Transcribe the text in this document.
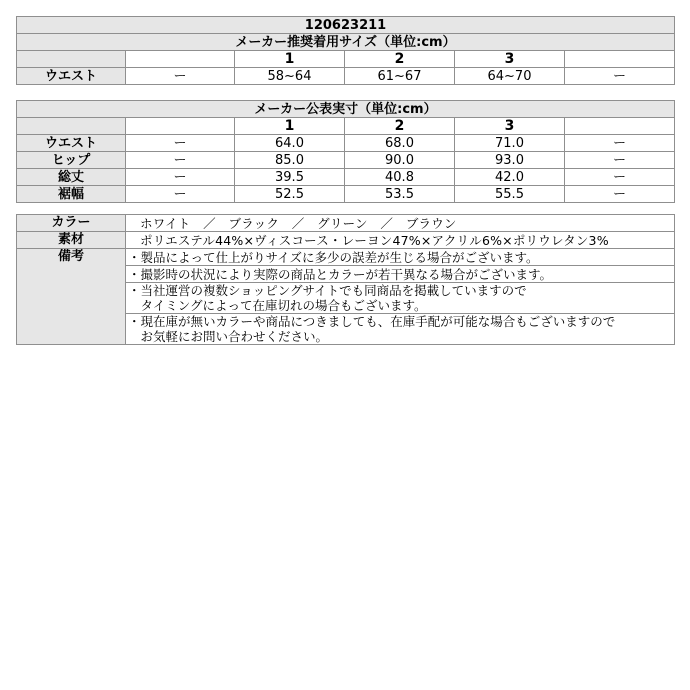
120623211					
メーカー推奨着用サイズ（単位:cm）					
		1	2	3	
ウエスト	ー	58~64	61~67	64~70	ー
メーカー公表実寸（単位:cm）					
		1	2	3	
ウエスト	ー	64.0	68.0	71.0	ー
ヒップ	ー	85.0	90.0	93.0	ー
総丈	ー	39.5	40.8	42.0	ー
裾幅	ー	52.5	53.5	55.5	ー
カラー	ホワイト　／　ブラック　／　グリーン　／　ブラウン
素材	ポリエステル44%×ヴィスコース・レーヨン47%×アクリル6%×ポリウレタン3%
備考	・製品によって仕上がりサイズに多少の誤差が生じる場合がございます。

	・撮影時の状況により実際の商品とカラーが若干異なる場合がございます。

	・当社運営の複数ショッピングサイトでも同商品を掲載していますので
　タイミングによって在庫切れの場合もございます。

	・現在庫が無いカラーや商品につきましても、在庫手配が可能な場合もございますので
　お気軽にお問い合わせください。
